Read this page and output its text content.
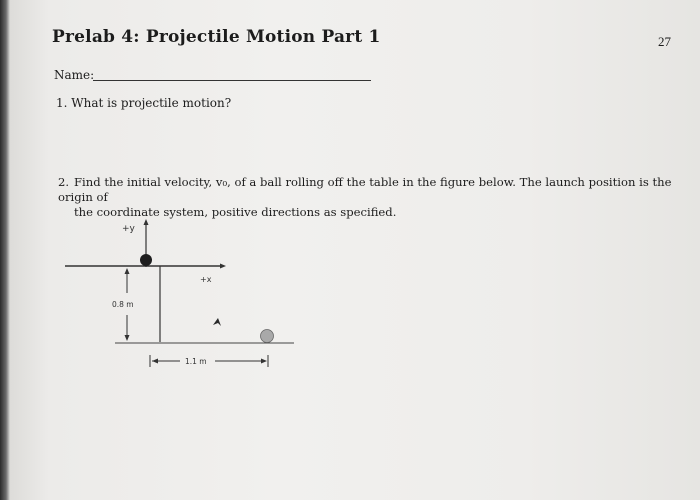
Prelab 4: Projectile Motion Part 1	27
Name:
1. What is projectile motion?
2. Find the initial velocity, v₀, of a ball rolling off the table in the figure below. The launch position is the origin of
the coordinate system, positive directions as specified.
+y
+x
0.8 m
1.1 m
